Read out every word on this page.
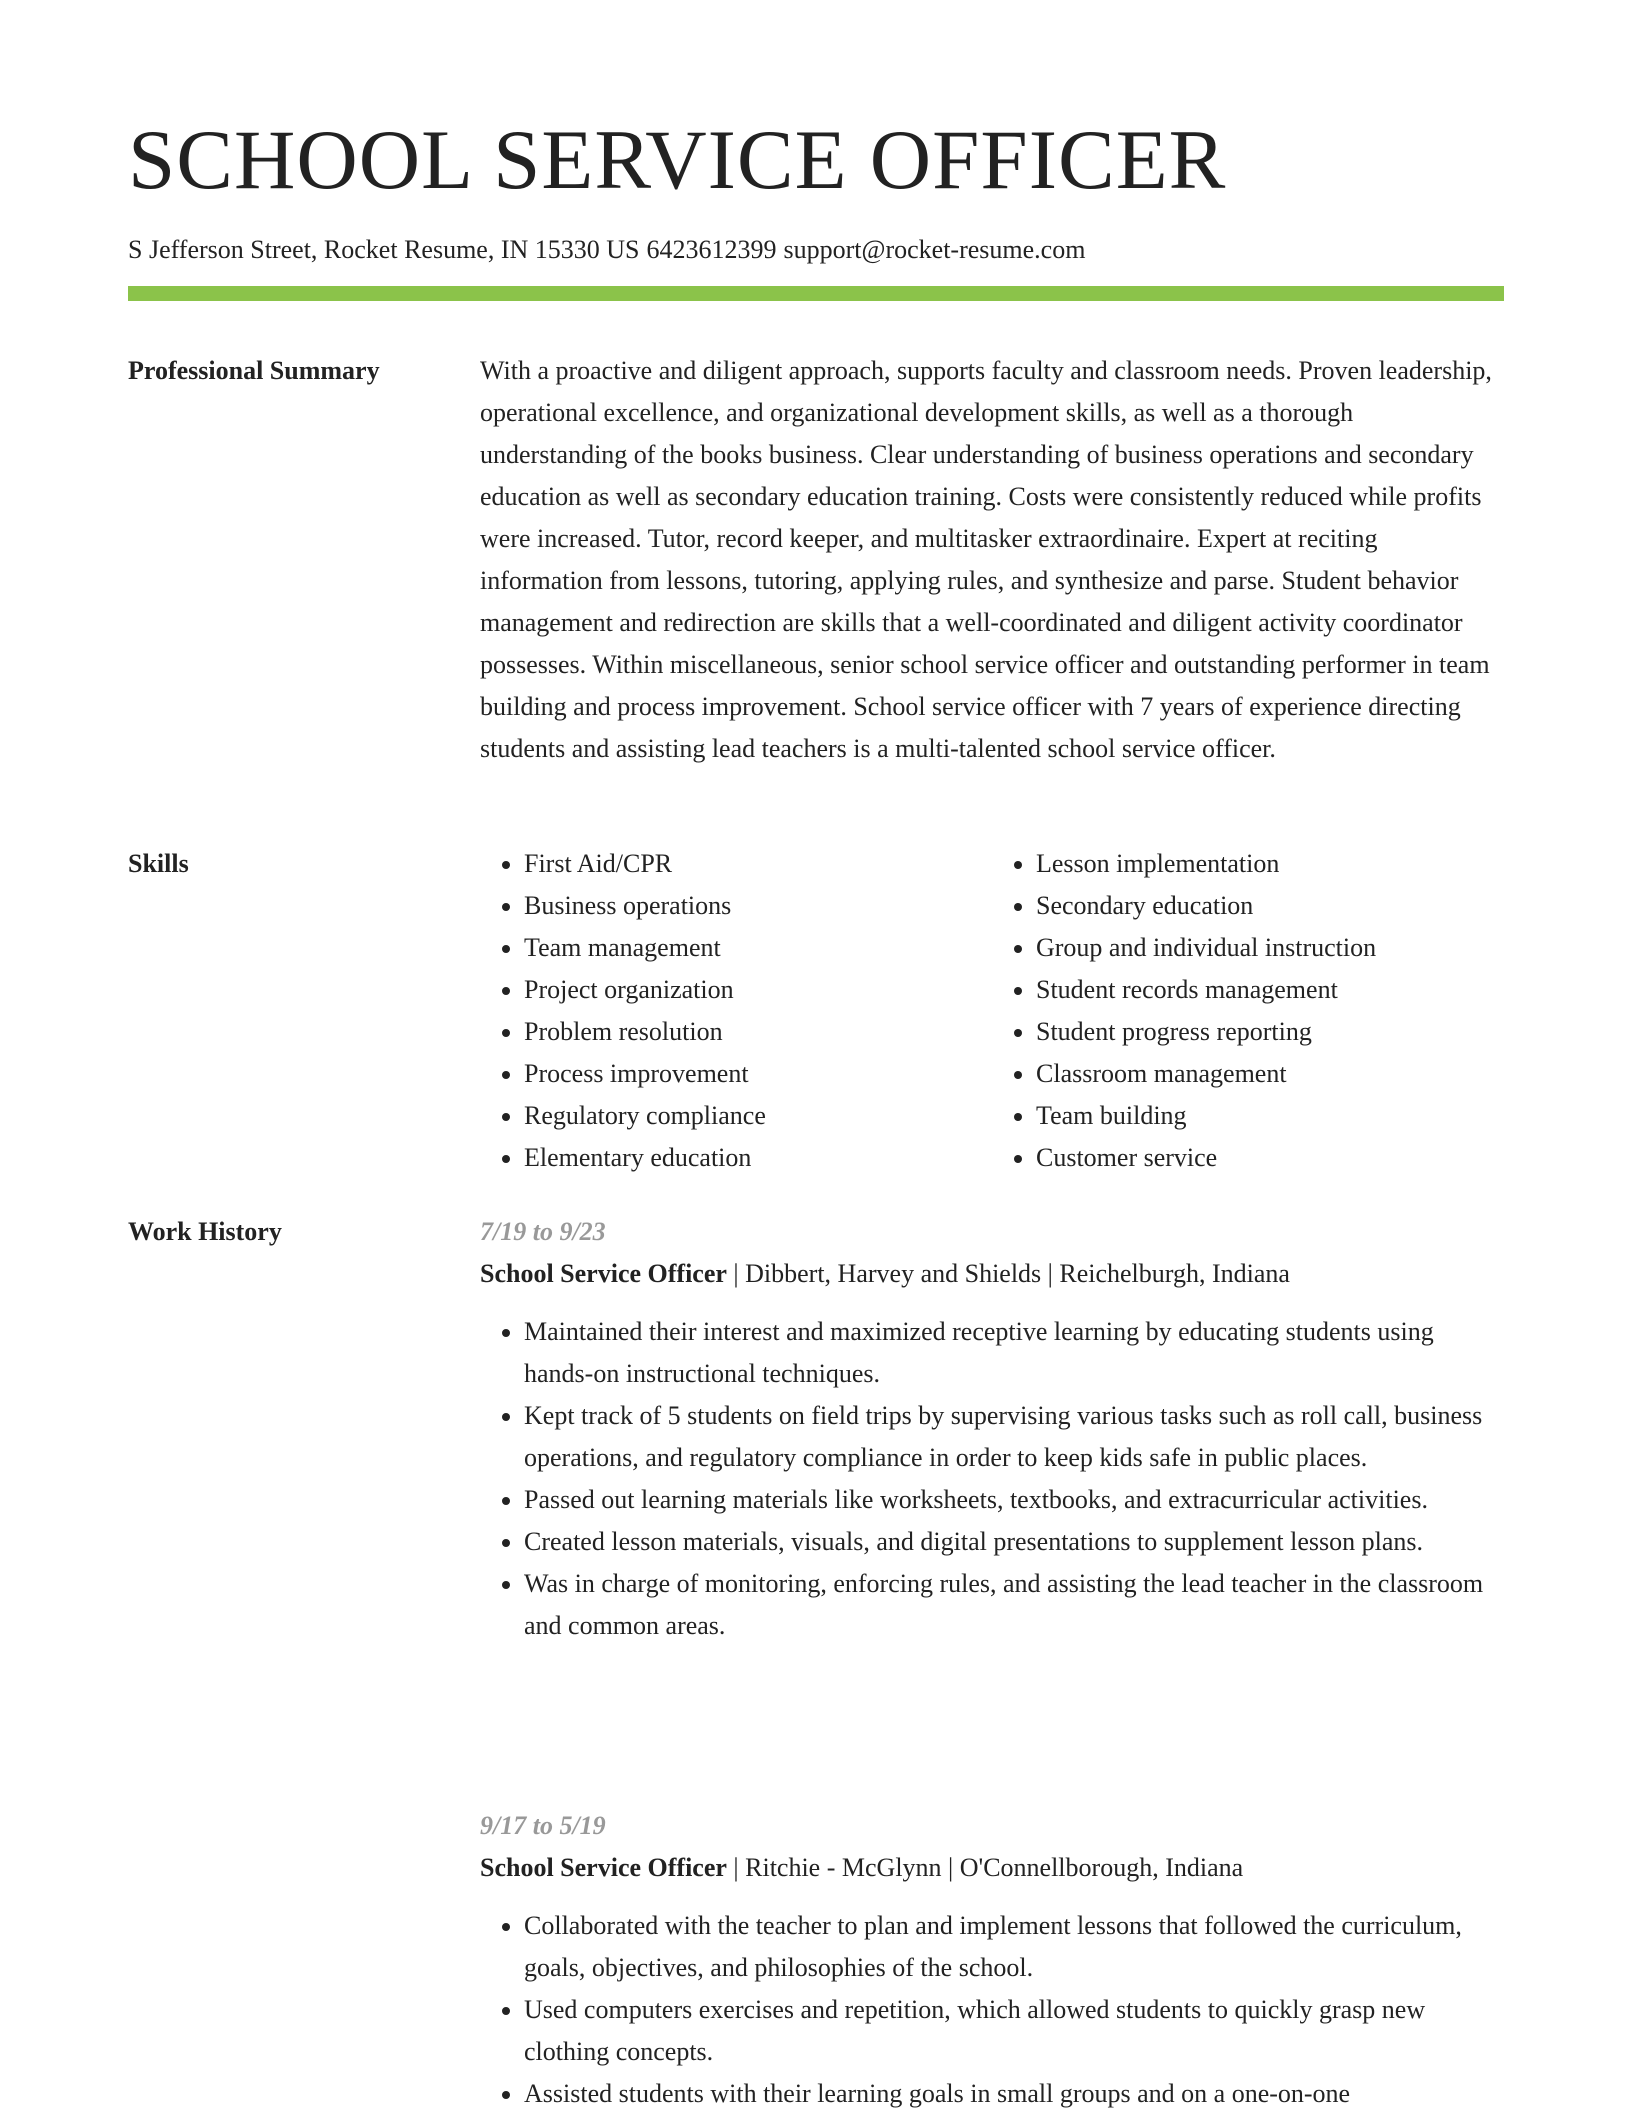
SCHOOL SERVICE OFFICER
S Jefferson Street, Rocket Resume, IN 15330 US 6423612399 support@rocket-resume.com
Professional Summary	With a proactive and diligent approach, supports faculty and classroom needs. Proven leadership, operational excellence, and organizational development skills, as well as a thorough understanding of the books business. Clear understanding of business operations and secondary education as well as secondary education training. Costs were consistently reduced while profits were increased. Tutor, record keeper, and multitasker extraordinaire. Expert at reciting information from lessons, tutoring, applying rules, and synthesize and parse. Student behavior management and redirection are skills that a well-coordinated and diligent activity coordinator possesses. Within miscellaneous, senior school service officer and outstanding performer in team building and process improvement. School service officer with 7 years of experience directing students and assisting lead teachers is a multi-talented school service officer.

Skills
•	First Aid/CPR
• Business operations
• Team management
• Project organization
• Problem resolution
• Process improvement
• Regulatory compliance
• Elementary education
• Lesson implementation
• Secondary education
• Group and individual instruction
• Student records management
• Student progress reporting
• Classroom management
• Team building
• Customer service
Work History	7/19 to 9/23
School Service Officer | Dibbert, Harvey and Shields | Reichelburgh, Indiana
• Maintained their interest and maximized receptive learning by educating students using hands-on instructional techniques.
• Kept track of 5 students on field trips by supervising various tasks such as roll call, business operations, and regulatory compliance in order to keep kids safe in public places.
• Passed out learning materials like worksheets, textbooks, and extracurricular activities.
• Created lesson materials, visuals, and digital presentations to supplement lesson plans.
• Was in charge of monitoring, enforcing rules, and assisting the lead teacher in the classroom and common areas.
9/17 to 5/19
School Service Officer | Ritchie - McGlynn | O'Connellborough, Indiana
• Collaborated with the teacher to plan and implement lessons that followed the curriculum, goals, objectives, and philosophies of the school.
• Used computers exercises and repetition, which allowed students to quickly grasp new clothing concepts.
• Assisted students with their learning goals in small groups and on a one-on-one
